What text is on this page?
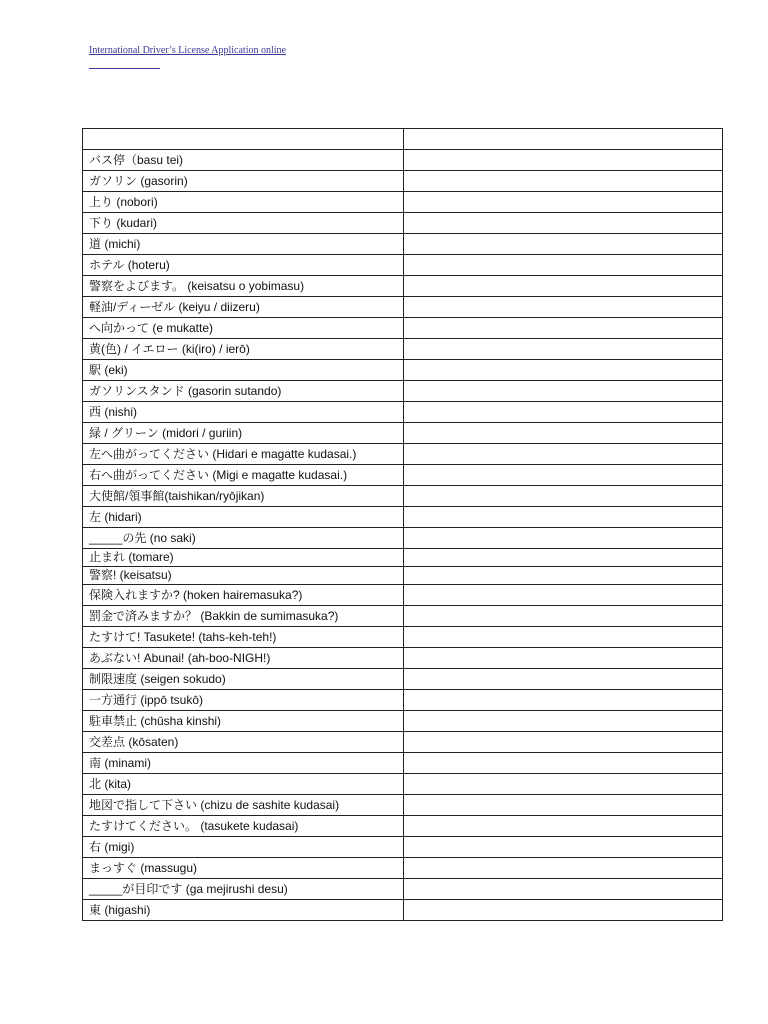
International Driver’s License Application online

バス停（basu tei)	
ガソリン (gasorin)	
上り (nobori)	
下り (kudari)	
道 (michi)	
ホテル (hoteru)	
警察をよびます。 (keisatsu o yobimasu)	
軽油/ディーゼル (keiyu / diizeru)	
へ向かって (e mukatte)	
黄(色) / イエロー (ki(iro) / ierō)	
駅 (eki)	
ガソリンスタンド (gasorin sutando)	
西 (nishi)	
緑 / グリーン (midori / guriin)	
左へ曲がってください (Hidari e magatte kudasai.)	
右へ曲がってください (Migi e magatte kudasai.)	
大使館/領事館(taishikan/ryōjikan)	
左 (hidari)	
_____の先 (no saki)	
止まれ (tomare)	
警察! (keisatsu)	
保険入れますか? (hoken hairemasuka?)	
罰金で済みますか？ (Bakkin de sumimasuka?)	
たすけて! Tasukete! (tahs-keh-teh!)	
あぶない! Abunai! (ah-boo-NIGH!)	
制限速度 (seigen sokudo)	
一方通行 (ippō tsukō)	
駐車禁止 (chūsha kinshi)	
交差点 (kōsaten)	
南 (minami)	
北 (kita)	
地図で指して下さい (chizu de sashite kudasai)	
たすけてください。 (tasukete kudasai)	
右 (migi)	
まっすぐ (massugu)	
_____が目印です (ga mejirushi desu)	
東 (higashi)	
